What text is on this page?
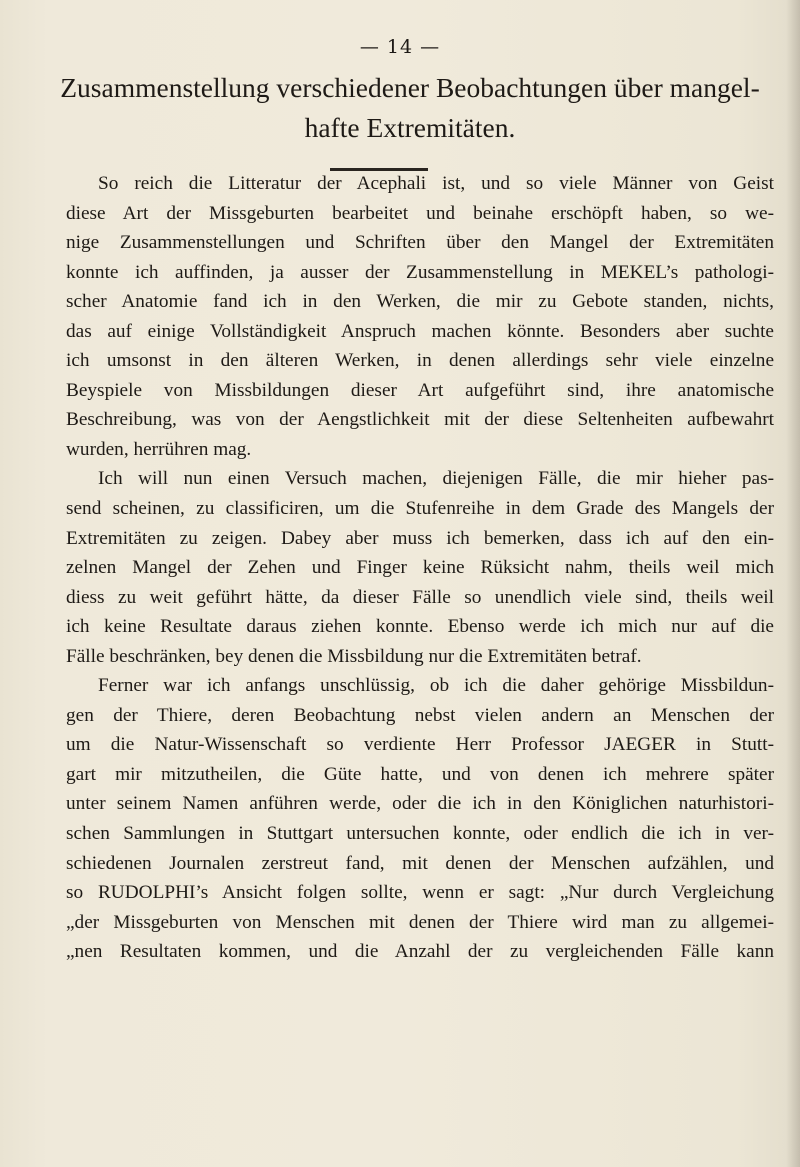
— 14 —
Zusammenstellung verschiedener Beobachtungen über mangel-
hafte Extremitäten.

So reich die Litteratur der Acephali ist, und so viele Männer von Geist
diese Art der Missgeburten bearbeitet und beinahe erschöpft haben, so we-
nige Zusammenstellungen und Schriften über den Mangel der Extremitäten
konnte ich auffinden, ja ausser der Zusammenstellung in MEKEL’s pathologi-
scher Anatomie fand ich in den Werken, die mir zu Gebote standen, nichts,
das auf einige Vollständigkeit Anspruch machen könnte. Besonders aber suchte
ich umsonst in den älteren Werken, in denen allerdings sehr viele einzelne
Beyspiele von Missbildungen dieser Art aufgeführt sind, ihre anatomische
Beschreibung, was von der Aengstlichkeit mit der diese Seltenheiten aufbewahrt
wurden, herrühren mag.

Ich will nun einen Versuch machen, diejenigen Fälle, die mir hieher pas-
send scheinen, zu classificiren, um die Stufenreihe in dem Grade des Mangels der
Extremitäten zu zeigen. Dabey aber muss ich bemerken, dass ich auf den ein-
zelnen Mangel der Zehen und Finger keine Rüksicht nahm, theils weil mich
diess zu weit geführt hätte, da dieser Fälle so unendlich viele sind, theils weil
ich keine Resultate daraus ziehen konnte. Ebenso werde ich mich nur auf die
Fälle beschränken, bey denen die Missbildung nur die Extremitäten betraf.

Ferner war ich anfangs unschlüssig, ob ich die daher gehörige Missbildun-
gen der Thiere, deren Beobachtung nebst vielen andern an Menschen der
um die Natur-Wissenschaft so verdiente Herr Professor JAEGER in Stutt-
gart mir mitzutheilen, die Güte hatte, und von denen ich mehrere später
unter seinem Namen anführen werde, oder die ich in den Königlichen naturhistori-
schen Sammlungen in Stuttgart untersuchen konnte, oder endlich die ich in ver-
schiedenen Journalen zerstreut fand, mit denen der Menschen aufzählen, und
so RUDOLPHI’s Ansicht folgen sollte, wenn er sagt: „Nur durch Vergleichung
„der Missgeburten von Menschen mit denen der Thiere wird man zu allgemei-
„nen Resultaten kommen, und die Anzahl der zu vergleichenden Fälle kann
